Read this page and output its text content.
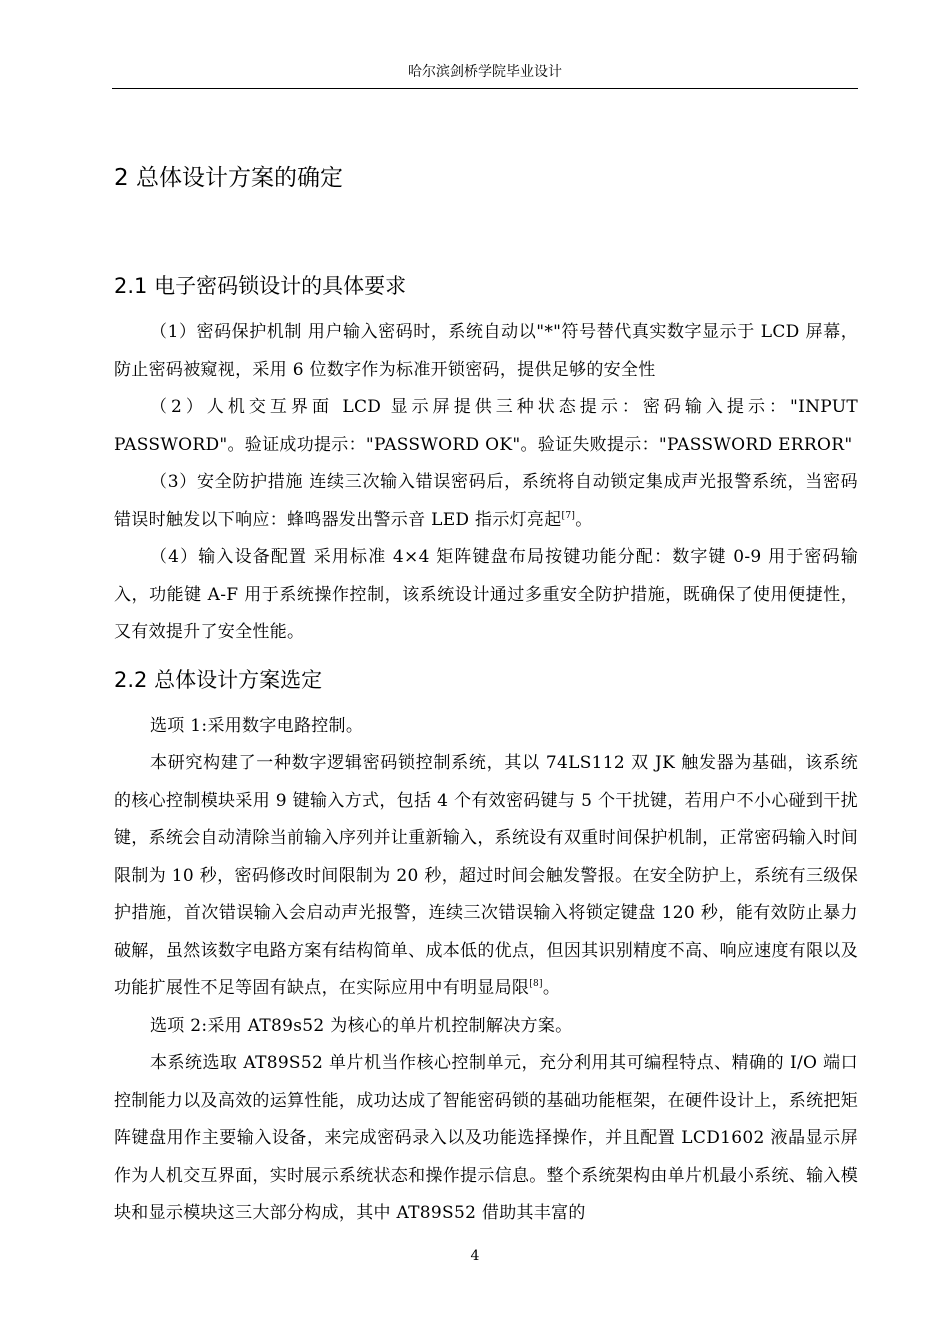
哈尔滨剑桥学院毕业设计
2 总体设计方案的确定
2.1 电子密码锁设计的具体要求

（1）密码保护机制 用户输入密码时，系统自动以"*"符号替代真实数字显示于 LCD 屏幕，防止密码被窥视，采用 6 位数字作为标准开锁密码，提供足够的安全性

（2）人机交互界面 LCD 显示屏提供三种状态提示：密码输入提示："INPUT PASSWORD"。验证成功提示："PASSWORD OK"。验证失败提示："PASSWORD ERROR"

（3）安全防护措施 连续三次输入错误密码后，系统将自动锁定集成声光报警系统，当密码错误时触发以下响应：蜂鸣器发出警示音 LED 指示灯亮起[7]。

（4）输入设备配置 采用标准 4×4 矩阵键盘布局按键功能分配：数字键 0-9 用于密码输入，功能键 A-F 用于系统操作控制，该系统设计通过多重安全防护措施，既确保了使用便捷性，又有效提升了安全性能。

2.2 总体设计方案选定

选项 1:采用数字电路控制。

本研究构建了一种数字逻辑密码锁控制系统，其以 74LS112 双 JK 触发器为基础，该系统的核心控制模块采用 9 键输入方式，包括 4 个有效密码键与 5 个干扰键，若用户不小心碰到干扰键，系统会自动清除当前输入序列并让重新输入，系统设有双重时间保护机制，正常密码输入时间限制为 10 秒，密码修改时间限制为 20 秒，超过时间会触发警报。在安全防护上，系统有三级保护措施，首次错误输入会启动声光报警，连续三次错误输入将锁定键盘 120 秒，能有效防止暴力破解，虽然该数字电路方案有结构简单、成本低的优点，但因其识别精度不高、响应速度有限以及功能扩展性不足等固有缺点，在实际应用中有明显局限[8]。

选项 2:采用 AT89s52 为核心的单片机控制解决方案。

本系统选取 AT89S52 单片机当作核心控制单元，充分利用其可编程特点、精确的 I/O 端口控制能力以及高效的运算性能，成功达成了智能密码锁的基础功能框架，在硬件设计上，系统把矩阵键盘用作主要输入设备，来完成密码录入以及功能选择操作，并且配置 LCD1602 液晶显示屏作为人机交互界面，实时展示系统状态和操作提示信息。整个系统架构由单片机最小系统、输入模块和显示模块这三大部分构成，其中 AT89S52 借助其丰富的

4
